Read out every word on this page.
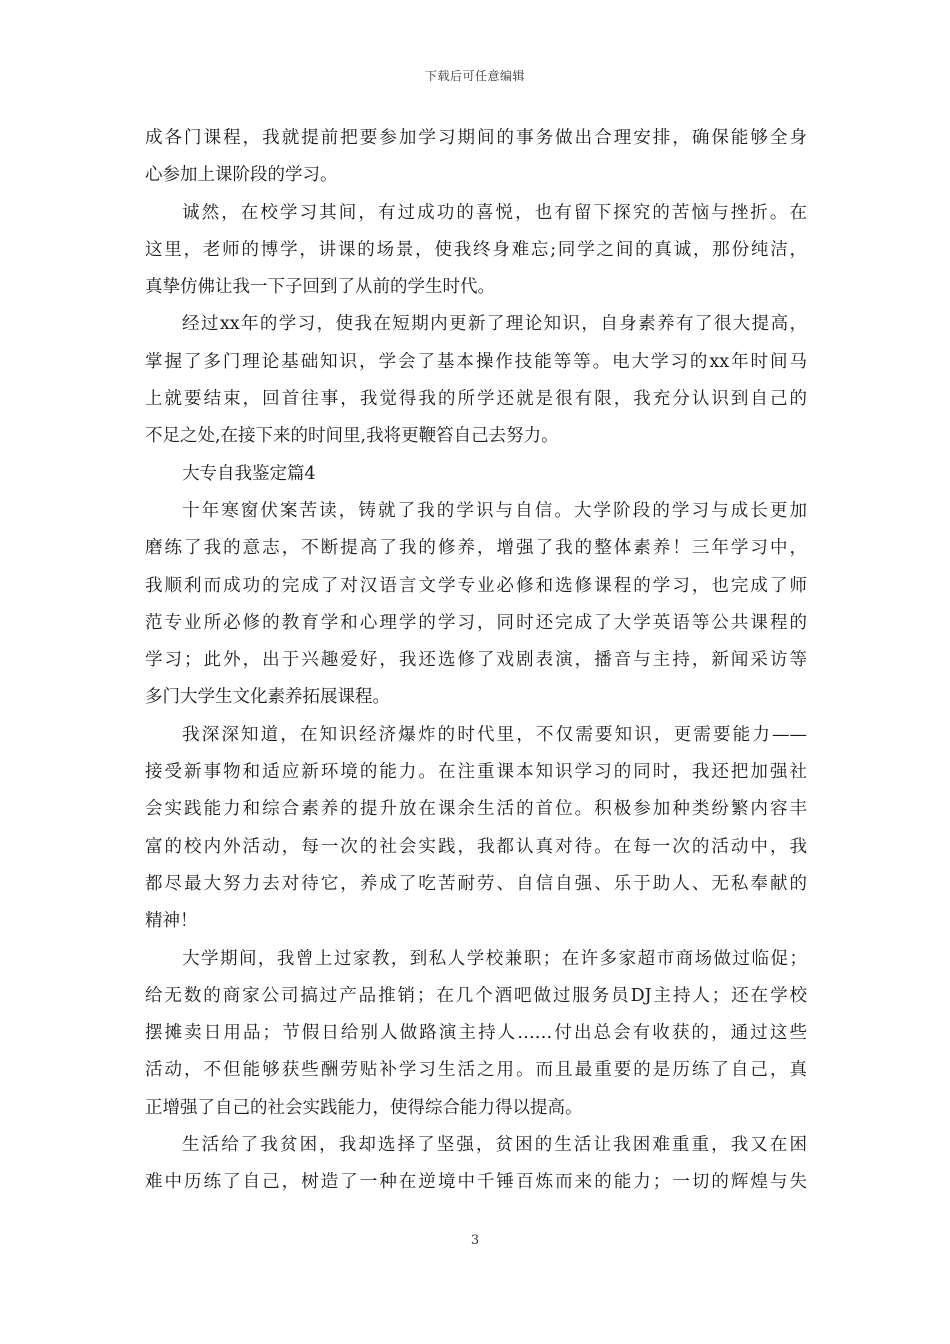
下载后可任意编辑
成各门课程，我就提前把要参加学习期间的事务做出合理安排，确保能够全身
心参加上课阶段的学习。
诚然，在校学习其间，有过成功的喜悦，也有留下探究的苦恼与挫折。在
这里，老师的博学，讲课的场景，使我终身难忘;同学之间的真诚，那份纯洁，
真挚仿佛让我一下子回到了从前的学生时代。
经过xx年的学习，使我在短期内更新了理论知识，自身素养有了很大提高，
掌握了多门理论基础知识，学会了基本操作技能等等。电大学习的xx年时间马
上就要结束，回首往事，我觉得我的所学还就是很有限，我充分认识到自己的
不足之处,在接下来的时间里,我将更鞭笞自己去努力。
大专自我鉴定篇4
十年寒窗伏案苦读，铸就了我的学识与自信。大学阶段的学习与成长更加
磨练了我的意志，不断提高了我的修养，增强了我的整体素养！三年学习中，
我顺利而成功的完成了对汉语言文学专业必修和选修课程的学习，也完成了师
范专业所必修的教育学和心理学的学习，同时还完成了大学英语等公共课程的
学习；此外，出于兴趣爱好，我还选修了戏剧表演，播音与主持，新闻采访等
多门大学生文化素养拓展课程。
我深深知道，在知识经济爆炸的时代里，不仅需要知识，更需要能力——
接受新事物和适应新环境的能力。在注重课本知识学习的同时，我还把加强社
会实践能力和综合素养的提升放在课余生活的首位。积极参加种类纷繁内容丰
富的校内外活动，每一次的社会实践，我都认真对待。在每一次的活动中，我
都尽最大努力去对待它，养成了吃苦耐劳、自信自强、乐于助人、无私奉献的
精神！
大学期间，我曾上过家教，到私人学校兼职；在许多家超市商场做过临促；
给无数的商家公司搞过产品推销；在几个酒吧做过服务员DJ主持人；还在学校
摆摊卖日用品；节假日给别人做路演主持人……付出总会有收获的，通过这些
活动，不但能够获些酬劳贴补学习生活之用。而且最重要的是历练了自己，真
正增强了自己的社会实践能力，使得综合能力得以提高。
生活给了我贫困，我却选择了坚强，贫困的生活让我困难重重，我又在困
难中历练了自己，树造了一种在逆境中千锤百炼而来的能力；一切的辉煌与失
3
